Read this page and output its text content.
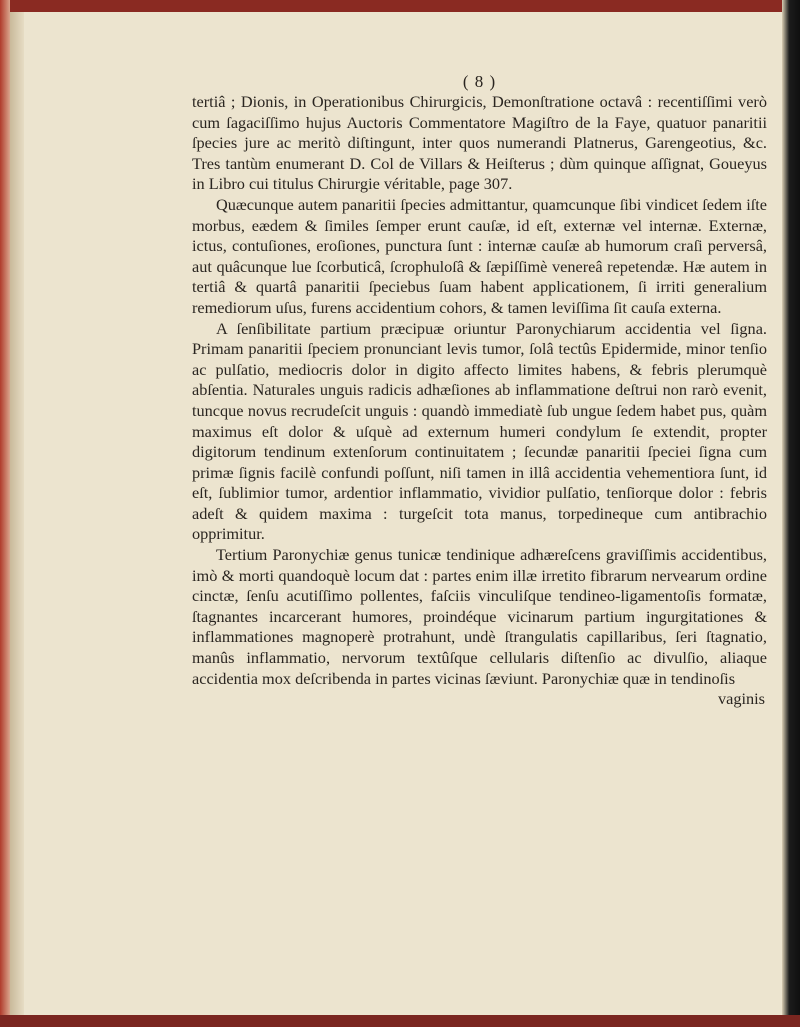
( 8 )

tertiâ ; Dionis, in Operationibus Chirurgicis, Demonſtratione octavâ : recentiſſimi verò cum ſagaciſſimo hujus Auctoris Commentatore Magiſtro de la Faye, quatuor panaritii ſpecies jure ac meritò diſtingunt, inter quos numerandi Platnerus, Garengeotius, &c. Tres tantùm enumerant D. Col de Villars & Heiſterus ; dùm quinque aſſignat, Goueyus in Libro cui titulus Chirurgie véritable, page 307.

Quæcunque autem panaritii ſpecies admittantur, quamcunque ſibi vindicet ſedem iſte morbus, eædem & ſimiles ſemper erunt cauſæ, id eſt, externæ vel internæ. Externæ, ictus, contuſiones, eroſiones, punctura ſunt : internæ cauſæ ab humorum craſi perversâ, aut quâcunque lue ſcorbuticâ, ſcrophuloſâ & ſæpiſſimè venereâ repetendæ. Hæ autem in tertiâ & quartâ panaritii ſpeciebus ſuam habent applicationem, ſi irriti generalium remediorum uſus, furens accidentium cohors, & tamen leviſſima ſit cauſa externa.

A ſenſibilitate partium præcipuæ oriuntur Paronychiarum accidentia vel ſigna. Primam panaritii ſpeciem pronunciant levis tumor, ſolâ tectûs Epidermide, minor tenſio ac pulſatio, mediocris dolor in digito affecto limites habens, & febris plerumquè abſentia. Naturales unguis radicis adhæſiones ab inflammatione deſtrui non rarò evenit, tuncque novus recrudeſcit unguis : quandò immediatè ſub ungue ſedem habet pus, quàm maximus eſt dolor & uſquè ad externum humeri condylum ſe extendit, propter digitorum tendinum extenſorum continuitatem ; ſecundæ panaritii ſpeciei ſigna cum primæ ſignis facilè confundi poſſunt, niſi tamen in illâ accidentia vehementiora ſunt, id eſt, ſublimior tumor, ardentior inflammatio, vividior pulſatio, tenſiorque dolor : febris adeſt & quidem maxima : turgeſcit tota manus, torpedineque cum antibrachio opprimitur.

Tertium Paronychiæ genus tunicæ tendinique adhæreſcens graviſſimis accidentibus, imò & morti quandoquè locum dat : partes enim illæ irretito fibrarum nervearum ordine cinctæ, ſenſu acutiſſimo pollentes, faſciis vinculiſque tendineo-ligamentoſis formatæ, ſtagnantes incarcerant humores, proindéque vicinarum partium ingurgitationes & inflammationes magnoperè protrahunt, undè ſtrangulatis capillaribus, ſeri ſtagnatio, manûs inflammatio, nervorum textûſque cellularis diſtenſio ac divulſio, aliaque accidentia mox deſcribenda in partes vicinas ſæviunt. Paronychiæ quæ in tendinoſis

vaginis
